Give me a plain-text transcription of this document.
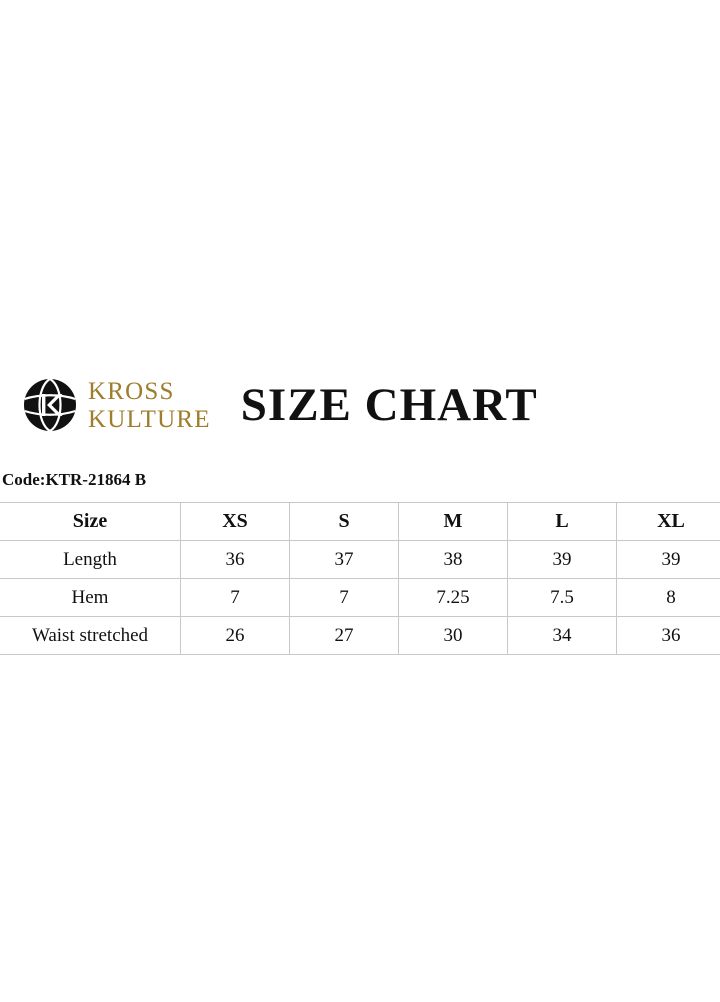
KROSS
KULTURE SIZE CHART
Code:KTR-21864 B
Size	XS	S	M	L	XL
Length	36	37	38	39	39
Hem	7	7	7.25	7.5	8
Waist stretched	26	27	30	34	36
